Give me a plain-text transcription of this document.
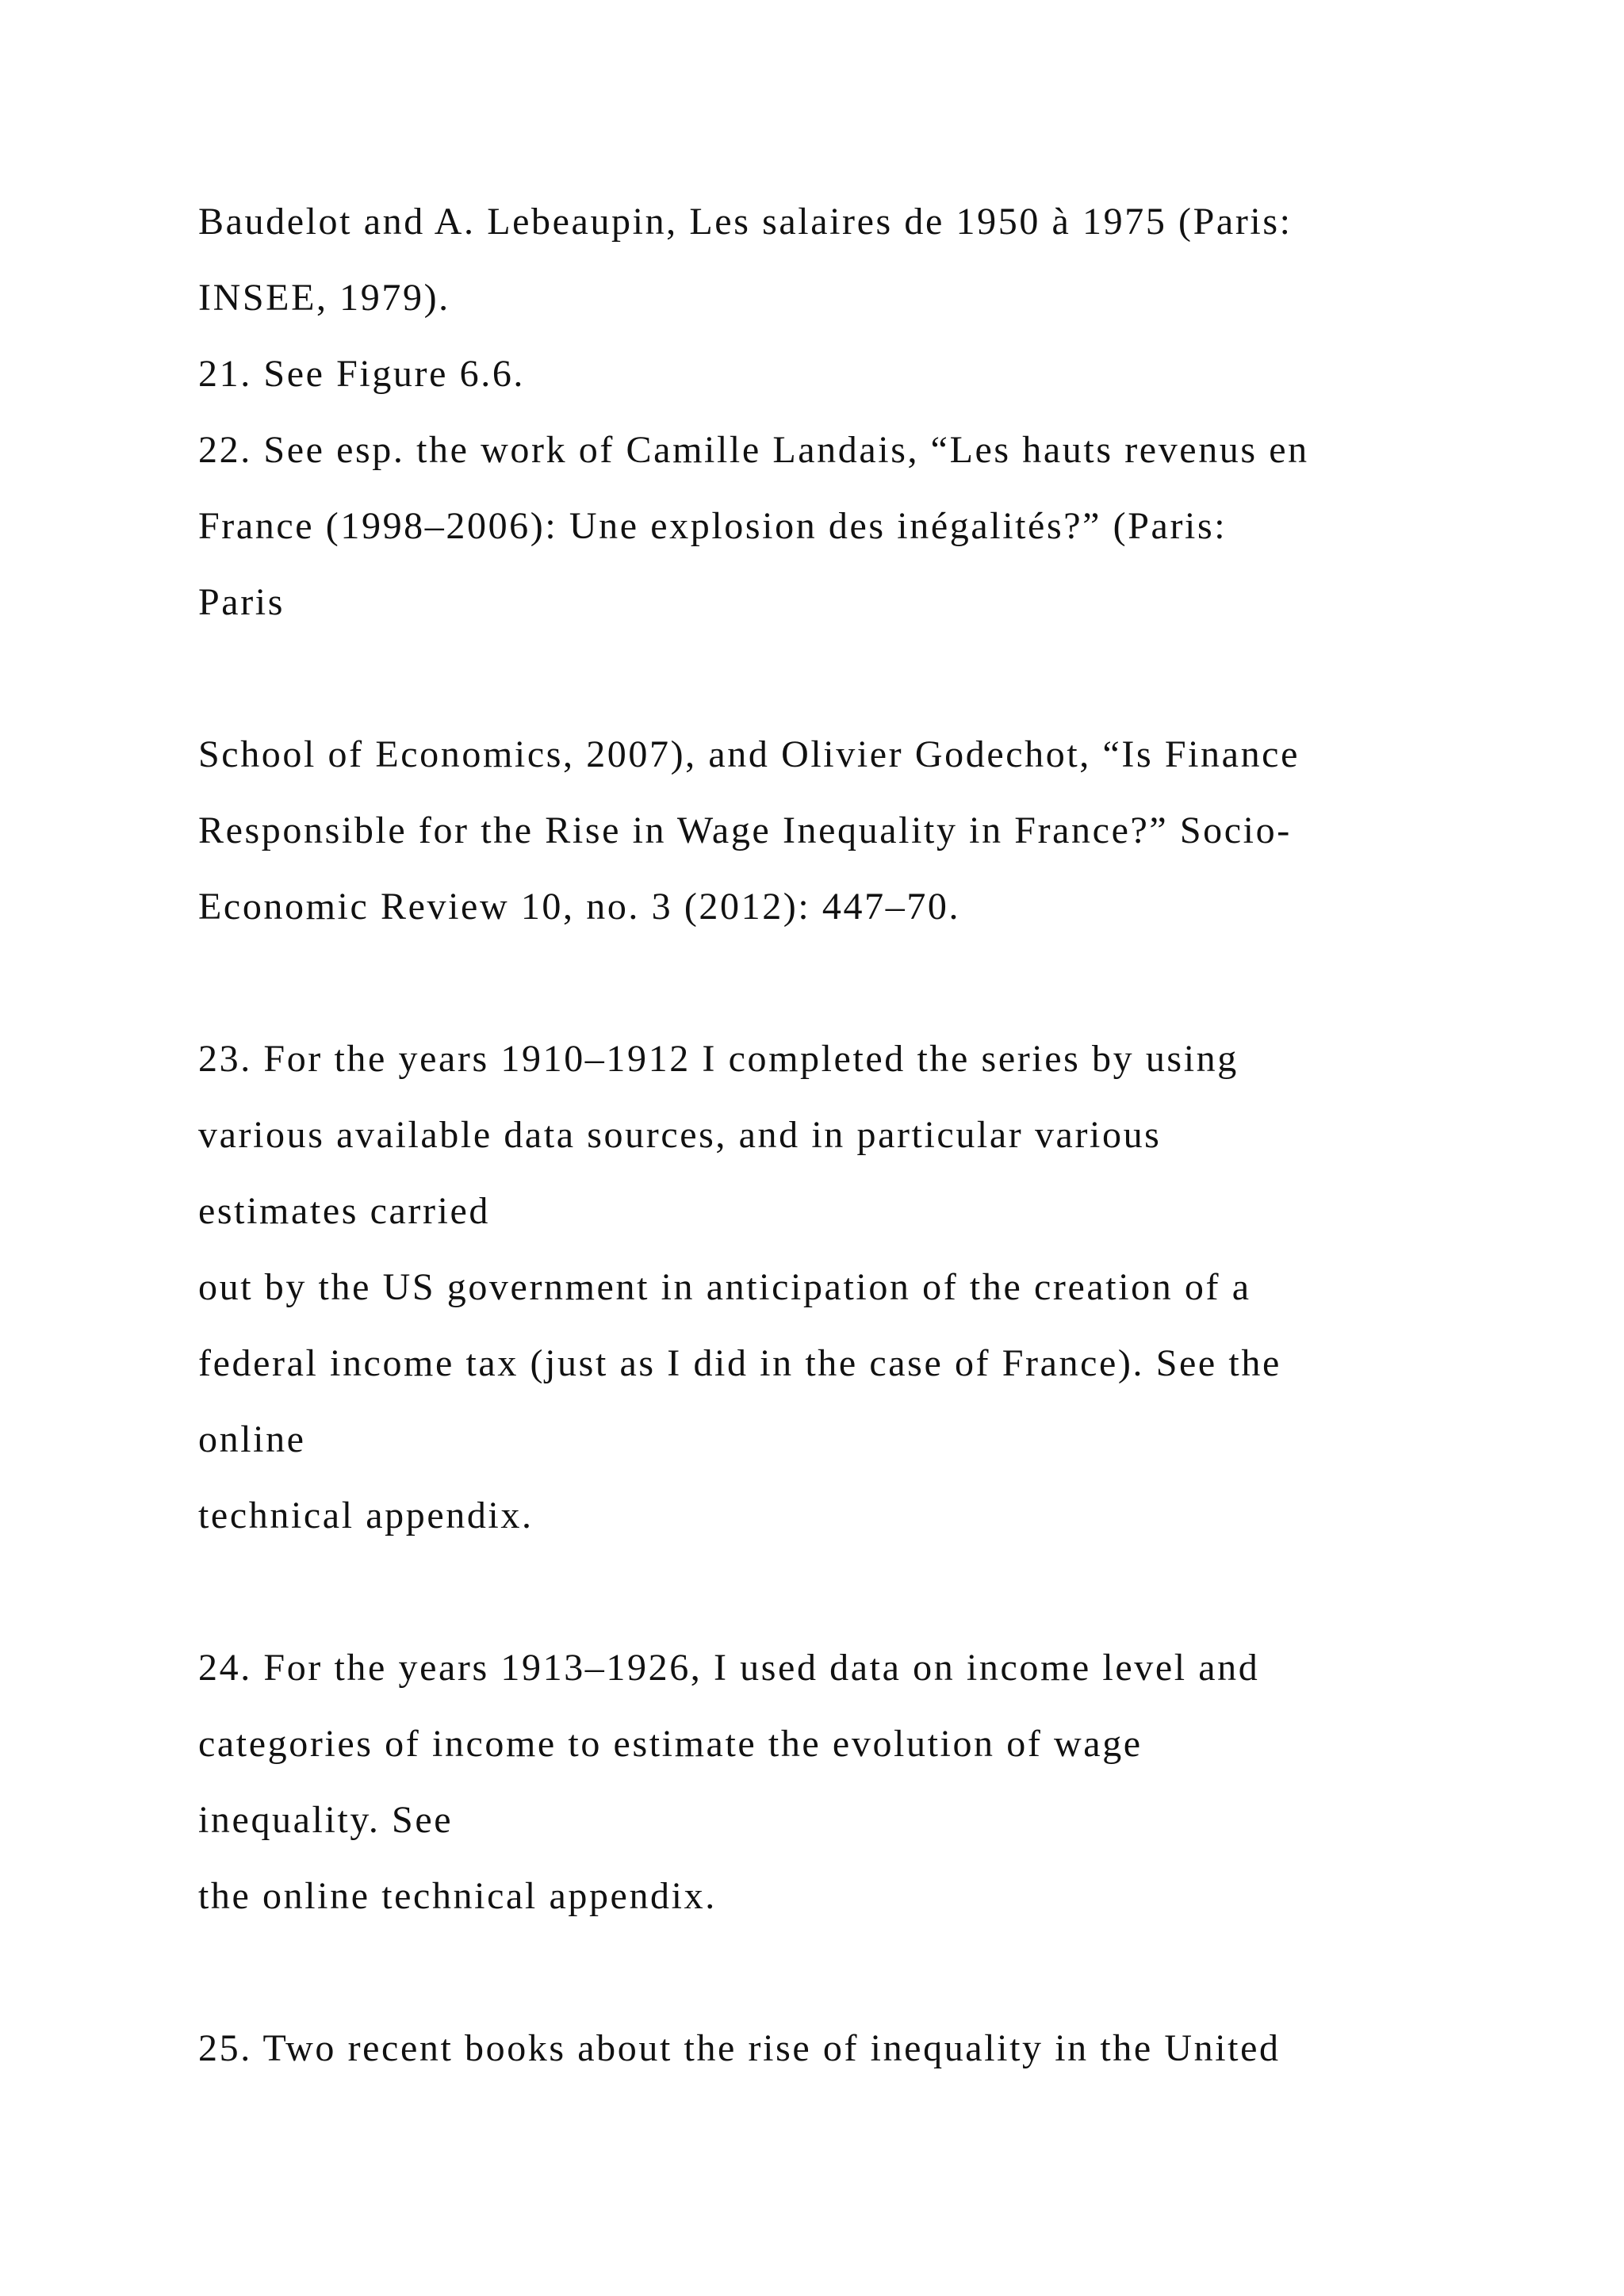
Baudelot and A. Lebeaupin, Les salaires de 1950 à 1975 (Paris:

INSEE, 1979).

21. See Figure 6.6.

22. See esp. the work of Camille Landais, “Les hauts revenus en

France (1998–2006): Une explosion des inégalités?” (Paris:

Paris

School of Economics, 2007), and Olivier Godechot, “Is Finance

Responsible for the Rise in Wage Inequality in France?” Socio-

Economic Review 10, no. 3 (2012): 447–70.

23. For the years 1910–1912 I completed the series by using

various available data sources, and in particular various

estimates carried

out by the US government in anticipation of the creation of a

federal income tax (just as I did in the case of France). See the

online

technical appendix.

24. For the years 1913–1926, I used data on income level and

categories of income to estimate the evolution of wage

inequality. See

the online technical appendix.

25. Two recent books about the rise of inequality in the United
